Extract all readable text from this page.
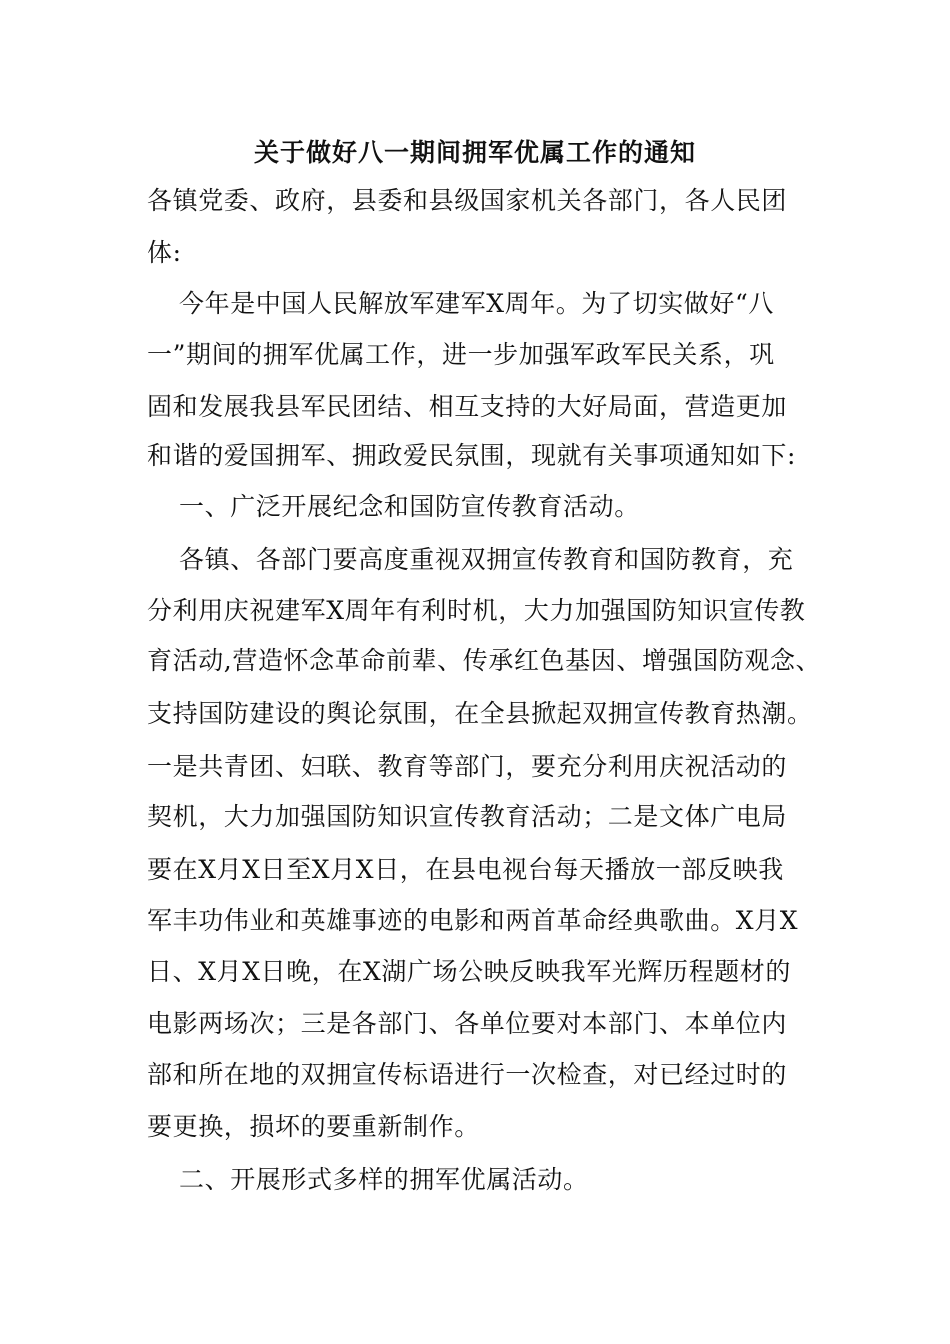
关于做好八一期间拥军优属工作的通知
各镇党委、政府，县委和县级国家机关各部门，各人民团
体:
今年是中国人民解放军建军X周年。为了切实做好“八
一”期间的拥军优属工作，进一步加强军政军民关系，巩
固和发展我县军民团结、相互支持的大好局面，营造更加
和谐的爱国拥军、拥政爱民氛围，现就有关事项通知如下:
一、广泛开展纪念和国防宣传教育活动。
各镇、各部门要高度重视双拥宣传教育和国防教育，充
分利用庆祝建军X周年有利时机，大力加强国防知识宣传教
育活动,营造怀念革命前辈、传承红色基因、增强国防观念、
支持国防建设的舆论氛围，在全县掀起双拥宣传教育热潮。
一是共青团、妇联、教育等部门，要充分利用庆祝活动的
契机，大力加强国防知识宣传教育活动；二是文体广电局
要在X月X日至X月X日，在县电视台每天播放一部反映我
军丰功伟业和英雄事迹的电影和两首革命经典歌曲。X月X
日、X月X日晚，在X湖广场公映反映我军光辉历程题材的
电影两场次；三是各部门、各单位要对本部门、本单位内
部和所在地的双拥宣传标语进行一次检查，对已经过时的
要更换，损坏的要重新制作。
二、开展形式多样的拥军优属活动。
